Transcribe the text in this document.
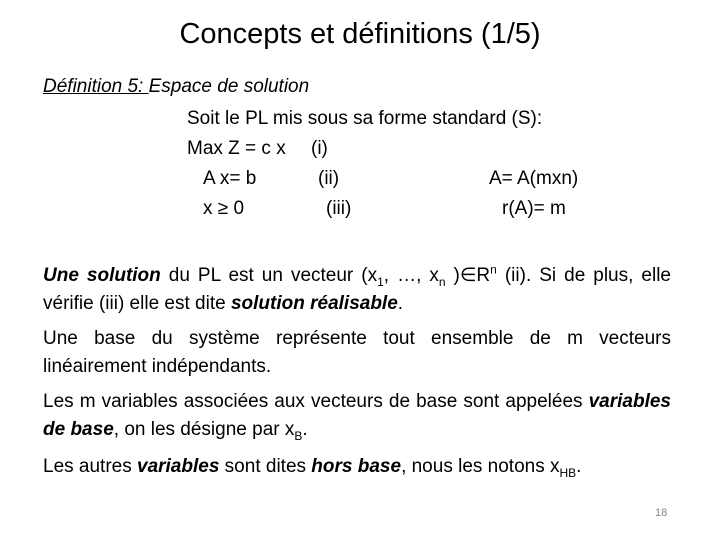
Concepts et définitions (1/5)
Définition 5: Espace de solution
Soit le PL mis sous sa forme standard (S):
Max Z = c x (i)
A x= b	(ii)	A= A(mxn)
x ≥ 0	(iii)	r(A)= m

Une solution du PL est un vecteur ($x_1$, …, $x_n$ )$\in R^n$ (ii). Si de plus, elle vérifie (iii) elle est dite solution réalisable.

Une base du système représente tout ensemble de m vecteurs linéairement indépendants.

Les m variables associées aux vecteurs de base sont appelées variables de base, on les désigne par $x_B$.

Les autres variables sont dites hors base, nous les notons $x_{HB}$.

18
